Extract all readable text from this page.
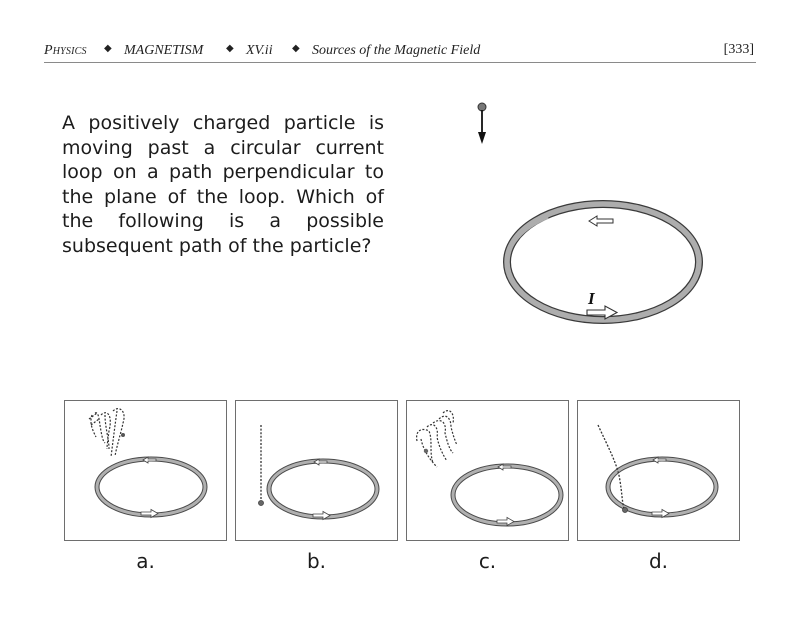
Physics ◆ MAGNETISM ◆ XV.ii ◆ Sources of the Magnetic Field	[333]
A positively charged particle is moving past a circular current loop on a path perpendicular to the plane of the loop. Which of the following is a possible subsequent path of the particle?
I
a.	b.	c.	d.
